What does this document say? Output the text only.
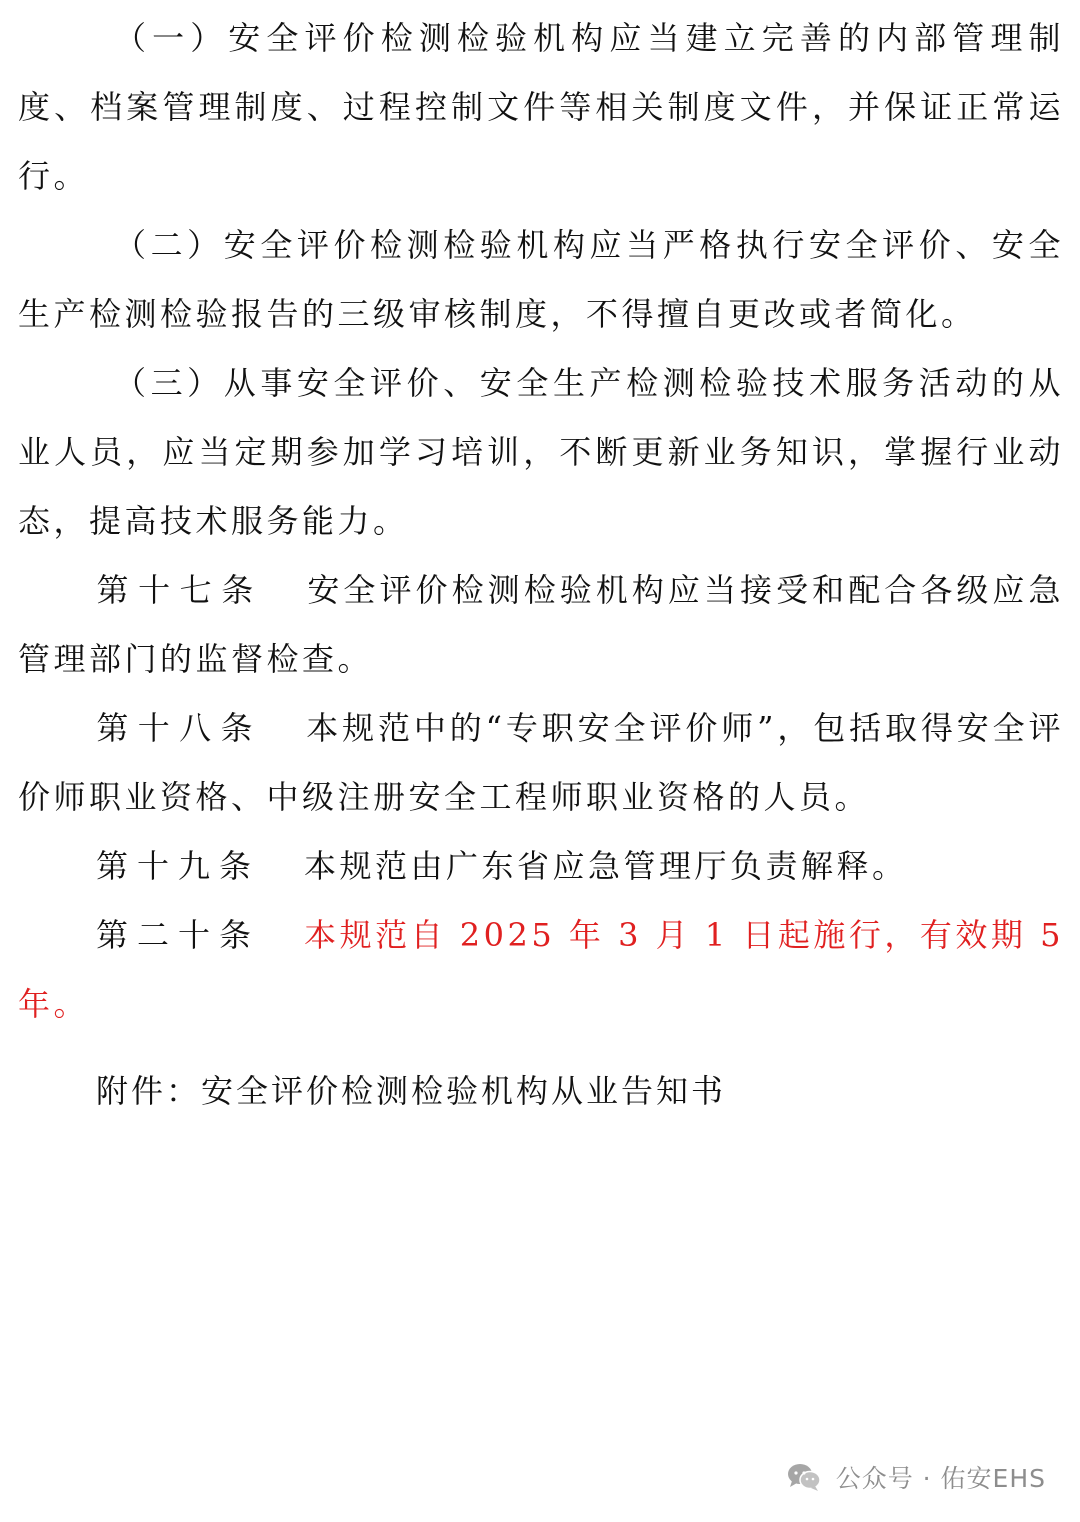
（一）安全评价检测检验机构应当建立完善的内部管理制度、档案管理制度、过程控制文件等相关制度文件，并保证正常运行。

（二）安全评价检测检验机构应当严格执行安全评价、安全生产检测检验报告的三级审核制度，不得擅自更改或者简化。

（三）从事安全评价、安全生产检测检验技术服务活动的从业人员，应当定期参加学习培训，不断更新业务知识，掌握行业动态，提高技术服务能力。

第十七条 安全评价检测检验机构应当接受和配合各级应急管理部门的监督检查。

第十八条 本规范中的“专职安全评价师”，包括取得安全评价师职业资格、中级注册安全工程师职业资格的人员。

第十九条 本规范由广东省应急管理厅负责解释。

第二十条 本规范自 2025 年 3 月 1 日起施行，有效期 5 年。

附件：安全评价检测检验机构从业告知书
公众号 · 佑安EHS
